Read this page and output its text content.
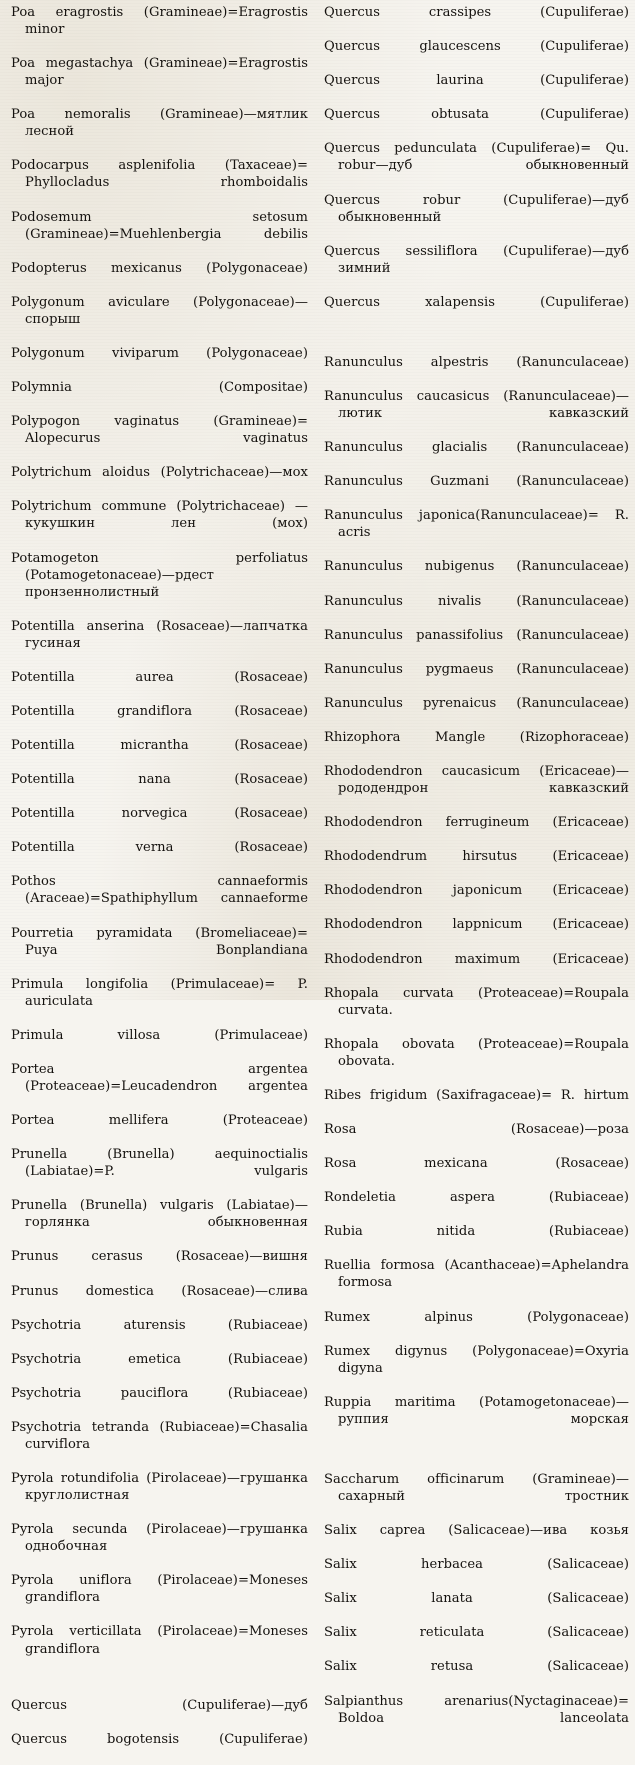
Poa eragrostis (Gramineae)=Eragrostis minor

Poa megastachya (Gramineae)=Eragrostis major

Poa nemoralis (Gramineae)—мятлик лесной

Podocarpus asplenifolia (Taxaceae)= Phyllocladus rhomboidalis

Podosemum setosum (Gramineae)=Muehlenbergia debilis

Podopterus mexicanus (Polygonaceae)

Polygonum aviculare (Polygonaceae)—спорыш

Polygonum viviparum (Polygonaceae)

Polymnia (Compositae)

Polypogon vaginatus (Gramineae)= Alopecurus vaginatus

Polytrichum aloidus (Polytrichaceae)—мох

Polytrichum commune (Polytrichaceae) —кукушкин лен (мох)

Potamogeton perfoliatus (Potamogetonaceae)—рдест пронзеннолистный

Potentilla anserina (Rosaceae)—лапчатка гусиная

Potentilla aurea (Rosaceae)

Potentilla grandiflora (Rosaceae)

Potentilla micrantha (Rosaceae)

Potentilla nana (Rosaceae)

Potentilla norvegica (Rosaceae)

Potentilla verna (Rosaceae)

Pothos cannaeformis (Araceae)=Spathiphyllum cannaeforme

Pourretia pyramidata (Bromeliaceae)= Puya Bonplandiana

Primula longifolia (Primulaceae)= P. auriculata

Primula villosa (Primulaceae)

Portea argentea (Proteaceae)=Leucadendron argentea

Portea mellifera (Proteaceae)

Prunella (Brunella) aequinoctialis (Labiatae)=P. vulgaris

Prunella (Brunella) vulgaris (Labiatae)—горлянка обыкновенная

Prunus cerasus (Rosaceae)—вишня

Prunus domestica (Rosaceae)—слива

Psychotria aturensis (Rubiaceae)

Psychotria emetica (Rubiaceae)

Psychotria pauciflora (Rubiaceae)

Psychotria tetranda (Rubiaceae)=Chasalia curviflora

Pyrola rotundifolia (Pirolaceae)—грушанка круглолистная

Pyrola secunda (Pirolaceae)—грушанка однобочная

Pyrola uniflora (Pirolaceae)=Moneses grandiflora

Pyrola verticillata (Pirolaceae)=Moneses grandiflora

Quercus (Cupuliferae)—дуб

Quercus bogotensis (Cupuliferae)

Quercus crassipes (Cupuliferae)

Quercus glaucescens (Cupuliferae)

Quercus laurina (Cupuliferae)

Quercus obtusata (Cupuliferae)

Quercus pedunculata (Cupuliferae)= Qu. robur—дуб обыкновенный

Quercus robur (Cupuliferae)—дуб обыкновенный

Quercus sessiliflora (Cupuliferae)—дуб зимний

Quercus xalapensis (Cupuliferae)

Ranunculus alpestris (Ranunculaceae)

Ranunculus caucasicus (Ranunculaceae)—лютик кавказский

Ranunculus glacialis (Ranunculaceae)

Ranunculus Guzmani (Ranunculaceae)

Ranunculus japonica(Ranunculaceae)= R. acris

Ranunculus nubigenus (Ranunculaceae)

Ranunculus nivalis (Ranunculaceae)

Ranunculus panassifolius (Ranunculaceae)

Ranunculus pygmaeus (Ranunculaceae)

Ranunculus pyrenaicus (Ranunculaceae)

Rhizophora Mangle (Rizophoraceae)

Rhododendron caucasicum (Ericaceae)— рододендрон кавказский

Rhododendron ferrugineum (Ericaceae)

Rhododendrum hirsutus (Ericaceae)

Rhododendron japonicum (Ericaceae)

Rhododendron lappnicum (Ericaceae)

Rhododendron maximum (Ericaceae)

Rhopala curvata (Proteaceae)=Roupala curvata.

Rhopala obovata (Proteaceae)=Roupala obovata.

Ribes frigidum (Saxifragaceae)= R. hirtum

Rosa (Rosaceae)—роза

Rosa mexicana (Rosaceae)

Rondeletia aspera (Rubiaceae)

Rubia nitida (Rubiaceae)

Ruellia formosa (Acanthaceae)=Aphelandra formosa

Rumex alpinus (Polygonaceae)

Rumex digynus (Polygonaceae)=Oxyria digyna

Ruppia maritima (Potamogetonaceae)— руппия морская

Saccharum officinarum (Gramineae)— сахарный тростник

Salix caprea (Salicaceae)—ива козья

Salix herbacea (Salicaceae)

Salix lanata (Salicaceae)

Salix reticulata (Salicaceae)

Salix retusa (Salicaceae)

Salpianthus arenarius(Nyctaginaceae)= Boldoa lanceolata
